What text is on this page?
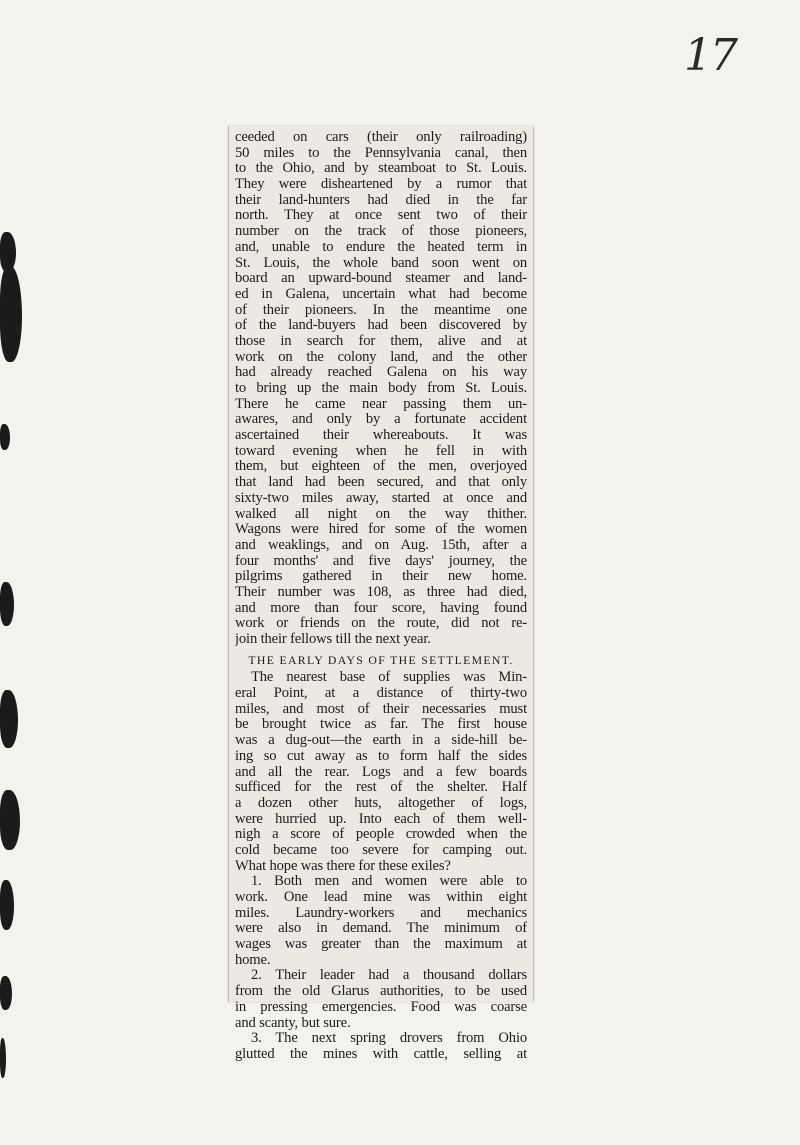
17
ceeded on cars (their only railroading)
50 miles to the Pennsylvania canal, then
to the Ohio, and by steamboat to St. Louis.
They were disheartened by a rumor that
their land-hunters had died in the far
north. They at once sent two of their
number on the track of those pioneers,
and, unable to endure the heated term in
St. Louis, the whole band soon went on
board an upward-bound steamer and land-
ed in Galena, uncertain what had become
of their pioneers. In the meantime one
of the land-buyers had been discovered by
those in search for them, alive and at
work on the colony land, and the other
had already reached Galena on his way
to bring up the main body from St. Louis.
There he came near passing them un-
awares, and only by a fortunate accident
ascertained their whereabouts. It was
toward evening when he fell in with
them, but eighteen of the men, overjoyed
that land had been secured, and that only
sixty-two miles away, started at once and
walked all night on the way thither.
Wagons were hired for some of the women
and weaklings, and on Aug. 15th, after a
four months' and five days' journey, the
pilgrims gathered in their new home.
Their number was 108, as three had died,
and more than four score, having found
work or friends on the route, did not re-
join their fellows till the next year.
THE EARLY DAYS OF THE SETTLEMENT.
The nearest base of supplies was Min-
eral Point, at a distance of thirty-two
miles, and most of their necessaries must
be brought twice as far. The first house
was a dug-out—the earth in a side-hill be-
ing so cut away as to form half the sides
and all the rear. Logs and a few boards
sufficed for the rest of the shelter. Half
a dozen other huts, altogether of logs,
were hurried up. Into each of them well-
nigh a score of people crowded when the
cold became too severe for camping out.
What hope was there for these exiles?
1. Both men and women were able to
work. One lead mine was within eight
miles. Laundry-workers and mechanics
were also in demand. The minimum of
wages was greater than the maximum at
home.
2. Their leader had a thousand dollars
from the old Glarus authorities, to be used
in pressing emergencies. Food was coarse
and scanty, but sure.
3. The next spring drovers from Ohio
glutted the mines with cattle, selling at
